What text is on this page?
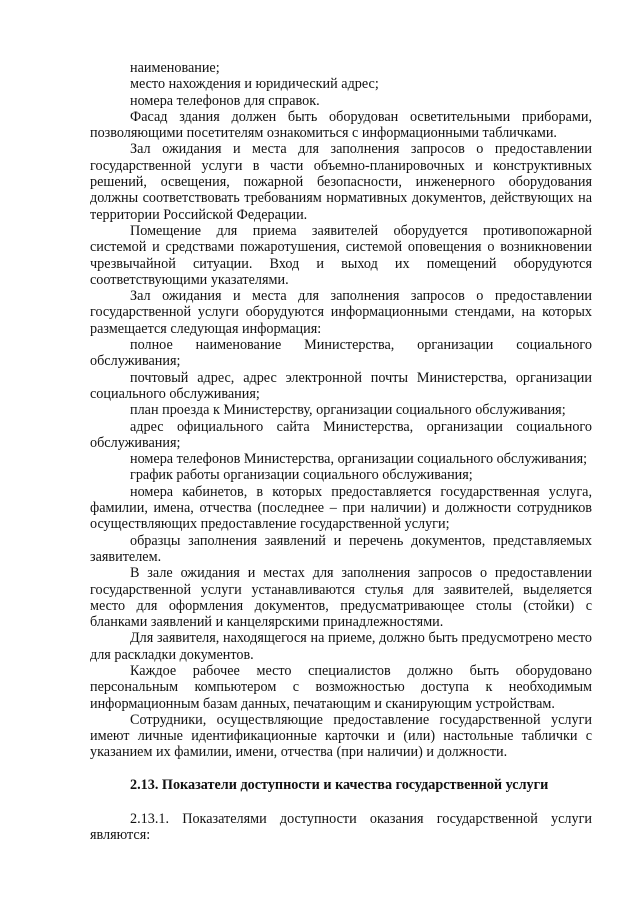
наименование;

место нахождения и юридический адрес;

номера телефонов для справок.

Фасад здания должен быть оборудован осветительными приборами, позволяющими посетителям ознакомиться с информационными табличками.

Зал ожидания и места для заполнения запросов о предоставлении государственной услуги в части объемно-планировочных и конструктивных решений, освещения, пожарной безопасности, инженерного оборудования должны соответствовать требованиям нормативных документов, действующих на территории Российской Федерации.

Помещение для приема заявителей оборудуется противопожарной системой и средствами пожаротушения, системой оповещения о возникновении чрезвычайной ситуации. Вход и выход их помещений оборудуются соответствующими указателями.

Зал ожидания и места для заполнения запросов о предоставлении государственной услуги оборудуются информационными стендами, на которых размещается следующая информация:

полное наименование Министерства, организации социального обслуживания;

почтовый адрес, адрес электронной почты Министерства, организации социального обслуживания;

план проезда к Министерству, организации социального обслуживания;

адрес официального сайта Министерства, организации социального обслуживания;

номера телефонов Министерства, организации социального обслуживания;

график работы организации социального обслуживания;

номера кабинетов, в которых предоставляется государственная услуга, фамилии, имена, отчества (последнее – при наличии) и должности сотрудников осуществляющих предоставление государственной услуги;

образцы заполнения заявлений и перечень документов, представляемых заявителем.

В зале ожидания и местах для заполнения запросов о предоставлении государственной услуги устанавливаются стулья для заявителей, выделяется место для оформления документов, предусматривающее столы (стойки) с бланками заявлений и канцелярскими принадлежностями.

Для заявителя, находящегося на приеме, должно быть предусмотрено место для раскладки документов.

Каждое рабочее место специалистов должно быть оборудовано персональным компьютером с возможностью доступа к необходимым информационным базам данных, печатающим и сканирующим устройствам.

Сотрудники, осуществляющие предоставление государственной услуги имеют личные идентификационные карточки и (или) настольные таблички с указанием их фамилии, имени, отчества (при наличии) и должности.

2.13. Показатели доступности и качества государственной услуги

2.13.1. Показателями доступности оказания государственной услуги являются:
